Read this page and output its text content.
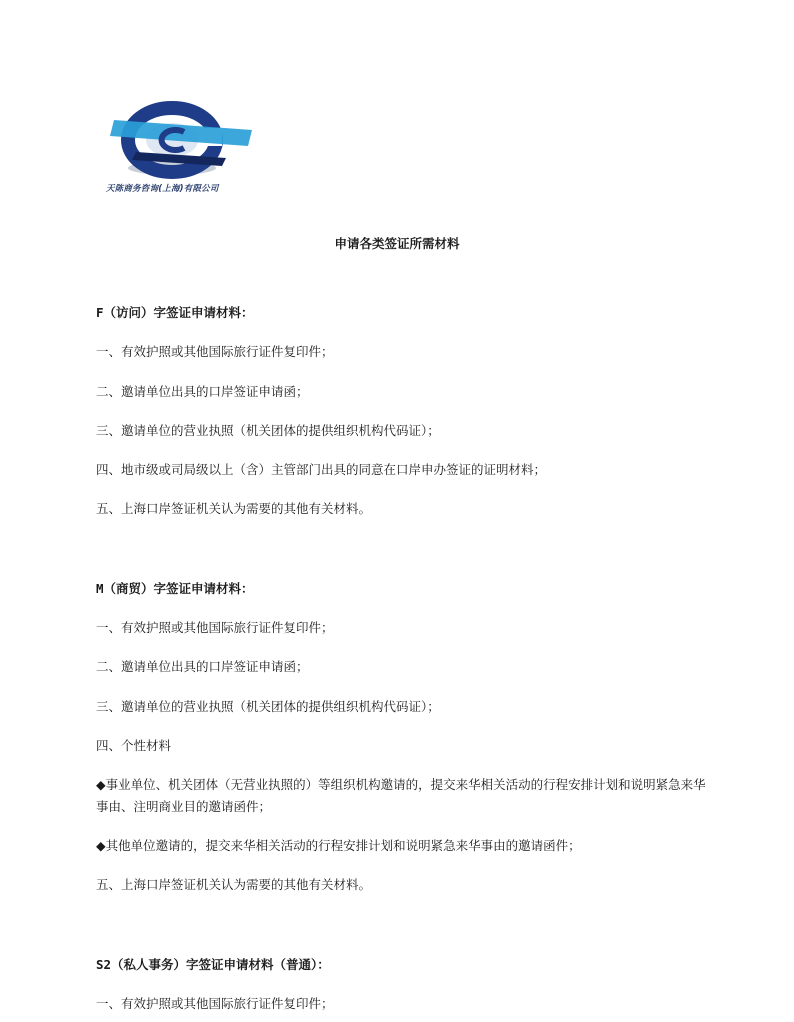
天陈商务咨询(上海)有限公司
申请各类签证所需材料
F（访问）字签证申请材料：
一、有效护照或其他国际旅行证件复印件；
二、邀请单位出具的口岸签证申请函；
三、邀请单位的营业执照（机关团体的提供组织机构代码证）；
四、地市级或司局级以上（含）主管部门出具的同意在口岸申办签证的证明材料；
五、上海口岸签证机关认为需要的其他有关材料。
M（商贸）字签证申请材料：
一、有效护照或其他国际旅行证件复印件；
二、邀请单位出具的口岸签证申请函；
三、邀请单位的营业执照（机关团体的提供组织机构代码证）；
四、个性材料
◆事业单位、机关团体（无营业执照的）等组织机构邀请的，提交来华相关活动的行程安排计划和说明紧急来华事由、注明商业目的邀请函件；
◆其他单位邀请的，提交来华相关活动的行程安排计划和说明紧急来华事由的邀请函件；
五、上海口岸签证机关认为需要的其他有关材料。
S2（私人事务）字签证申请材料（普通）：
一、有效护照或其他国际旅行证件复印件；
